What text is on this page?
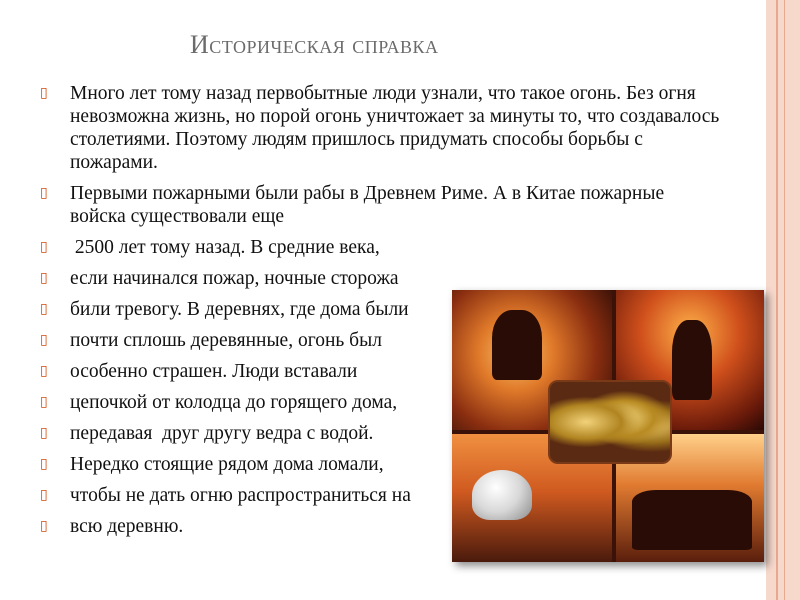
Историческая справка
▯	Много лет тому назад первобытные люди узнали, что такое огонь. Без огня невозможна жизнь, но порой огонь уничтожает за минуты то, что создавалось столетиями. Поэтому людям пришлось придумать способы борьбы с пожарами.
▯	Первыми пожарными были рабы в Древнем Риме. А в Китае пожарные  войска существовали еще
▯	2500 лет тому назад. В средние века,
▯	если начинался пожар, ночные сторожа
▯	били тревогу. В деревнях, где дома были
▯	почти сплошь деревянные, огонь был
▯	особенно страшен. Люди вставали
▯	цепочкой от колодца до горящего дома,
▯	передавая  друг другу ведра с водой.
▯	Нередко стоящие рядом дома ломали,
▯	чтобы не дать огню распространиться на
▯	всю деревню.
